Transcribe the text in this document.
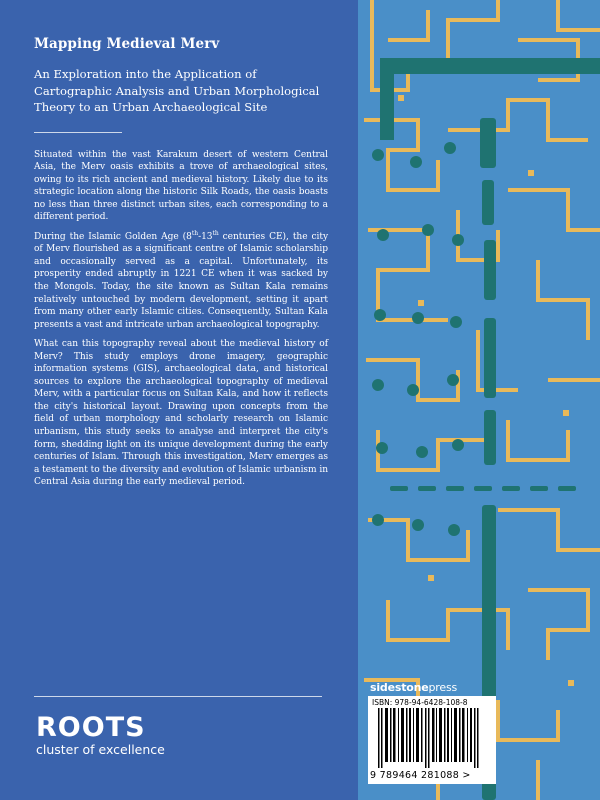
Mapping Medieval Merv

An Exploration into the Application of Cartographic Analysis and Urban Morphological Theory to an Urban Archaeological Site

Situated within the vast Karakum desert of western Central Asia, the Merv oasis exhibits a trove of archaeological sites, owing to its rich ancient and medieval history. Likely due to its strategic location along the historic Silk Roads, the oasis boasts no less than three distinct urban sites, each corresponding to a different period.

During the Islamic Golden Age (8th-13th centuries CE), the city of Merv flourished as a significant centre of Islamic scholarship and occasionally served as a capital. Unfortunately, its prosperity ended abruptly in 1221 CE when it was sacked by the Mongols. Today, the site known as Sultan Kala remains relatively untouched by modern development, setting it apart from many other early Islamic cities. Consequently, Sultan Kala presents a vast and intricate urban archaeological topography.

What can this topography reveal about the medieval history of Merv? This study employs drone imagery, geographic information systems (GIS), archaeological data, and historical sources to explore the archaeological topography of medieval Merv, with a particular focus on Sultan Kala, and how it reflects the city's historical layout. Drawing upon concepts from the field of urban morphology and scholarly research on Islamic urbanism, this study seeks to analyse and interpret the city's form, shedding light on its unique development during the early centuries of Islam. Through this investigation, Merv emerges as a testament to the diversity and evolution of Islamic urbanism in Central Asia during the early medieval period.

ROOTS
cluster of excellence
sidestonepress
ISBN: 978-94-6428-108-8
9 789464 281088 >
